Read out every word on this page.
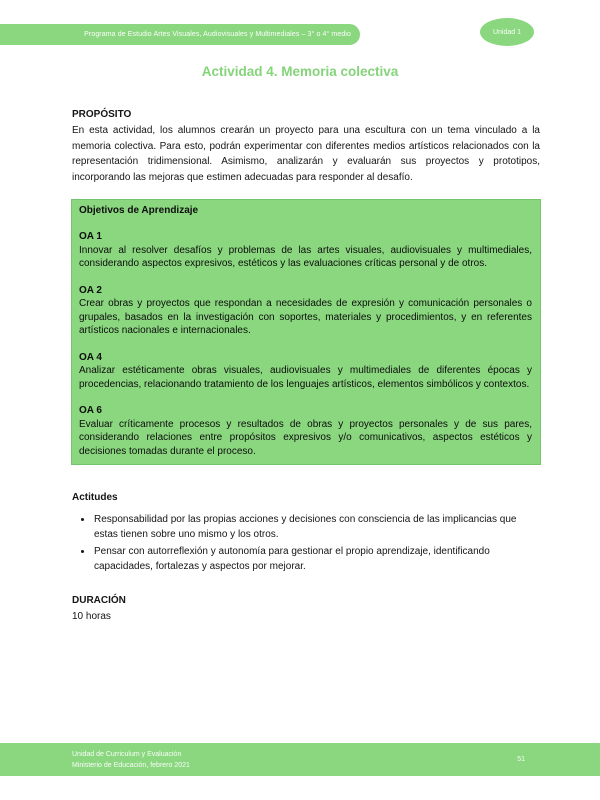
Programa de Estudio Artes Visuales, Audiovisuales y Multimediales – 3° o 4° medio	Unidad 1
Actividad 4. Memoria colectiva
PROPÓSITO

En esta actividad, los alumnos crearán un proyecto para una escultura con un tema vinculado a la memoria colectiva. Para esto, podrán experimentar con diferentes medios artísticos relacionados con la representación tridimensional. Asimismo, analizarán y evaluarán sus proyectos y prototipos, incorporando las mejoras que estimen adecuadas para responder al desafío.

Objetivos de Aprendizaje
OA 1

Innovar al resolver desafíos y problemas de las artes visuales, audiovisuales y multimediales, considerando aspectos expresivos, estéticos y las evaluaciones críticas personal y de otros.

OA 2

Crear obras y proyectos que respondan a necesidades de expresión y comunicación personales o grupales, basados en la investigación con soportes, materiales y procedimientos, y en referentes artísticos nacionales e internacionales.

OA 4

Analizar estéticamente obras visuales, audiovisuales y multimediales de diferentes épocas y procedencias, relacionando tratamiento de los lenguajes artísticos, elementos simbólicos y contextos.

OA 6

Evaluar críticamente procesos y resultados de obras y proyectos personales y de sus pares, considerando relaciones entre propósitos expresivos y/o comunicativos, aspectos estéticos y decisiones tomadas durante el proceso.

Actitudes
• Responsabilidad por las propias acciones y decisiones con consciencia de las implicancias que estas tienen sobre uno mismo y los otros.
• Pensar con autorreflexión y autonomía para gestionar el propio aprendizaje, identificando capacidades, fortalezas y aspectos por mejorar.
DURACIÓN
10 horas
Unidad de Curriculum y Evaluación
Ministerio de Educación, febrero 2021
51
